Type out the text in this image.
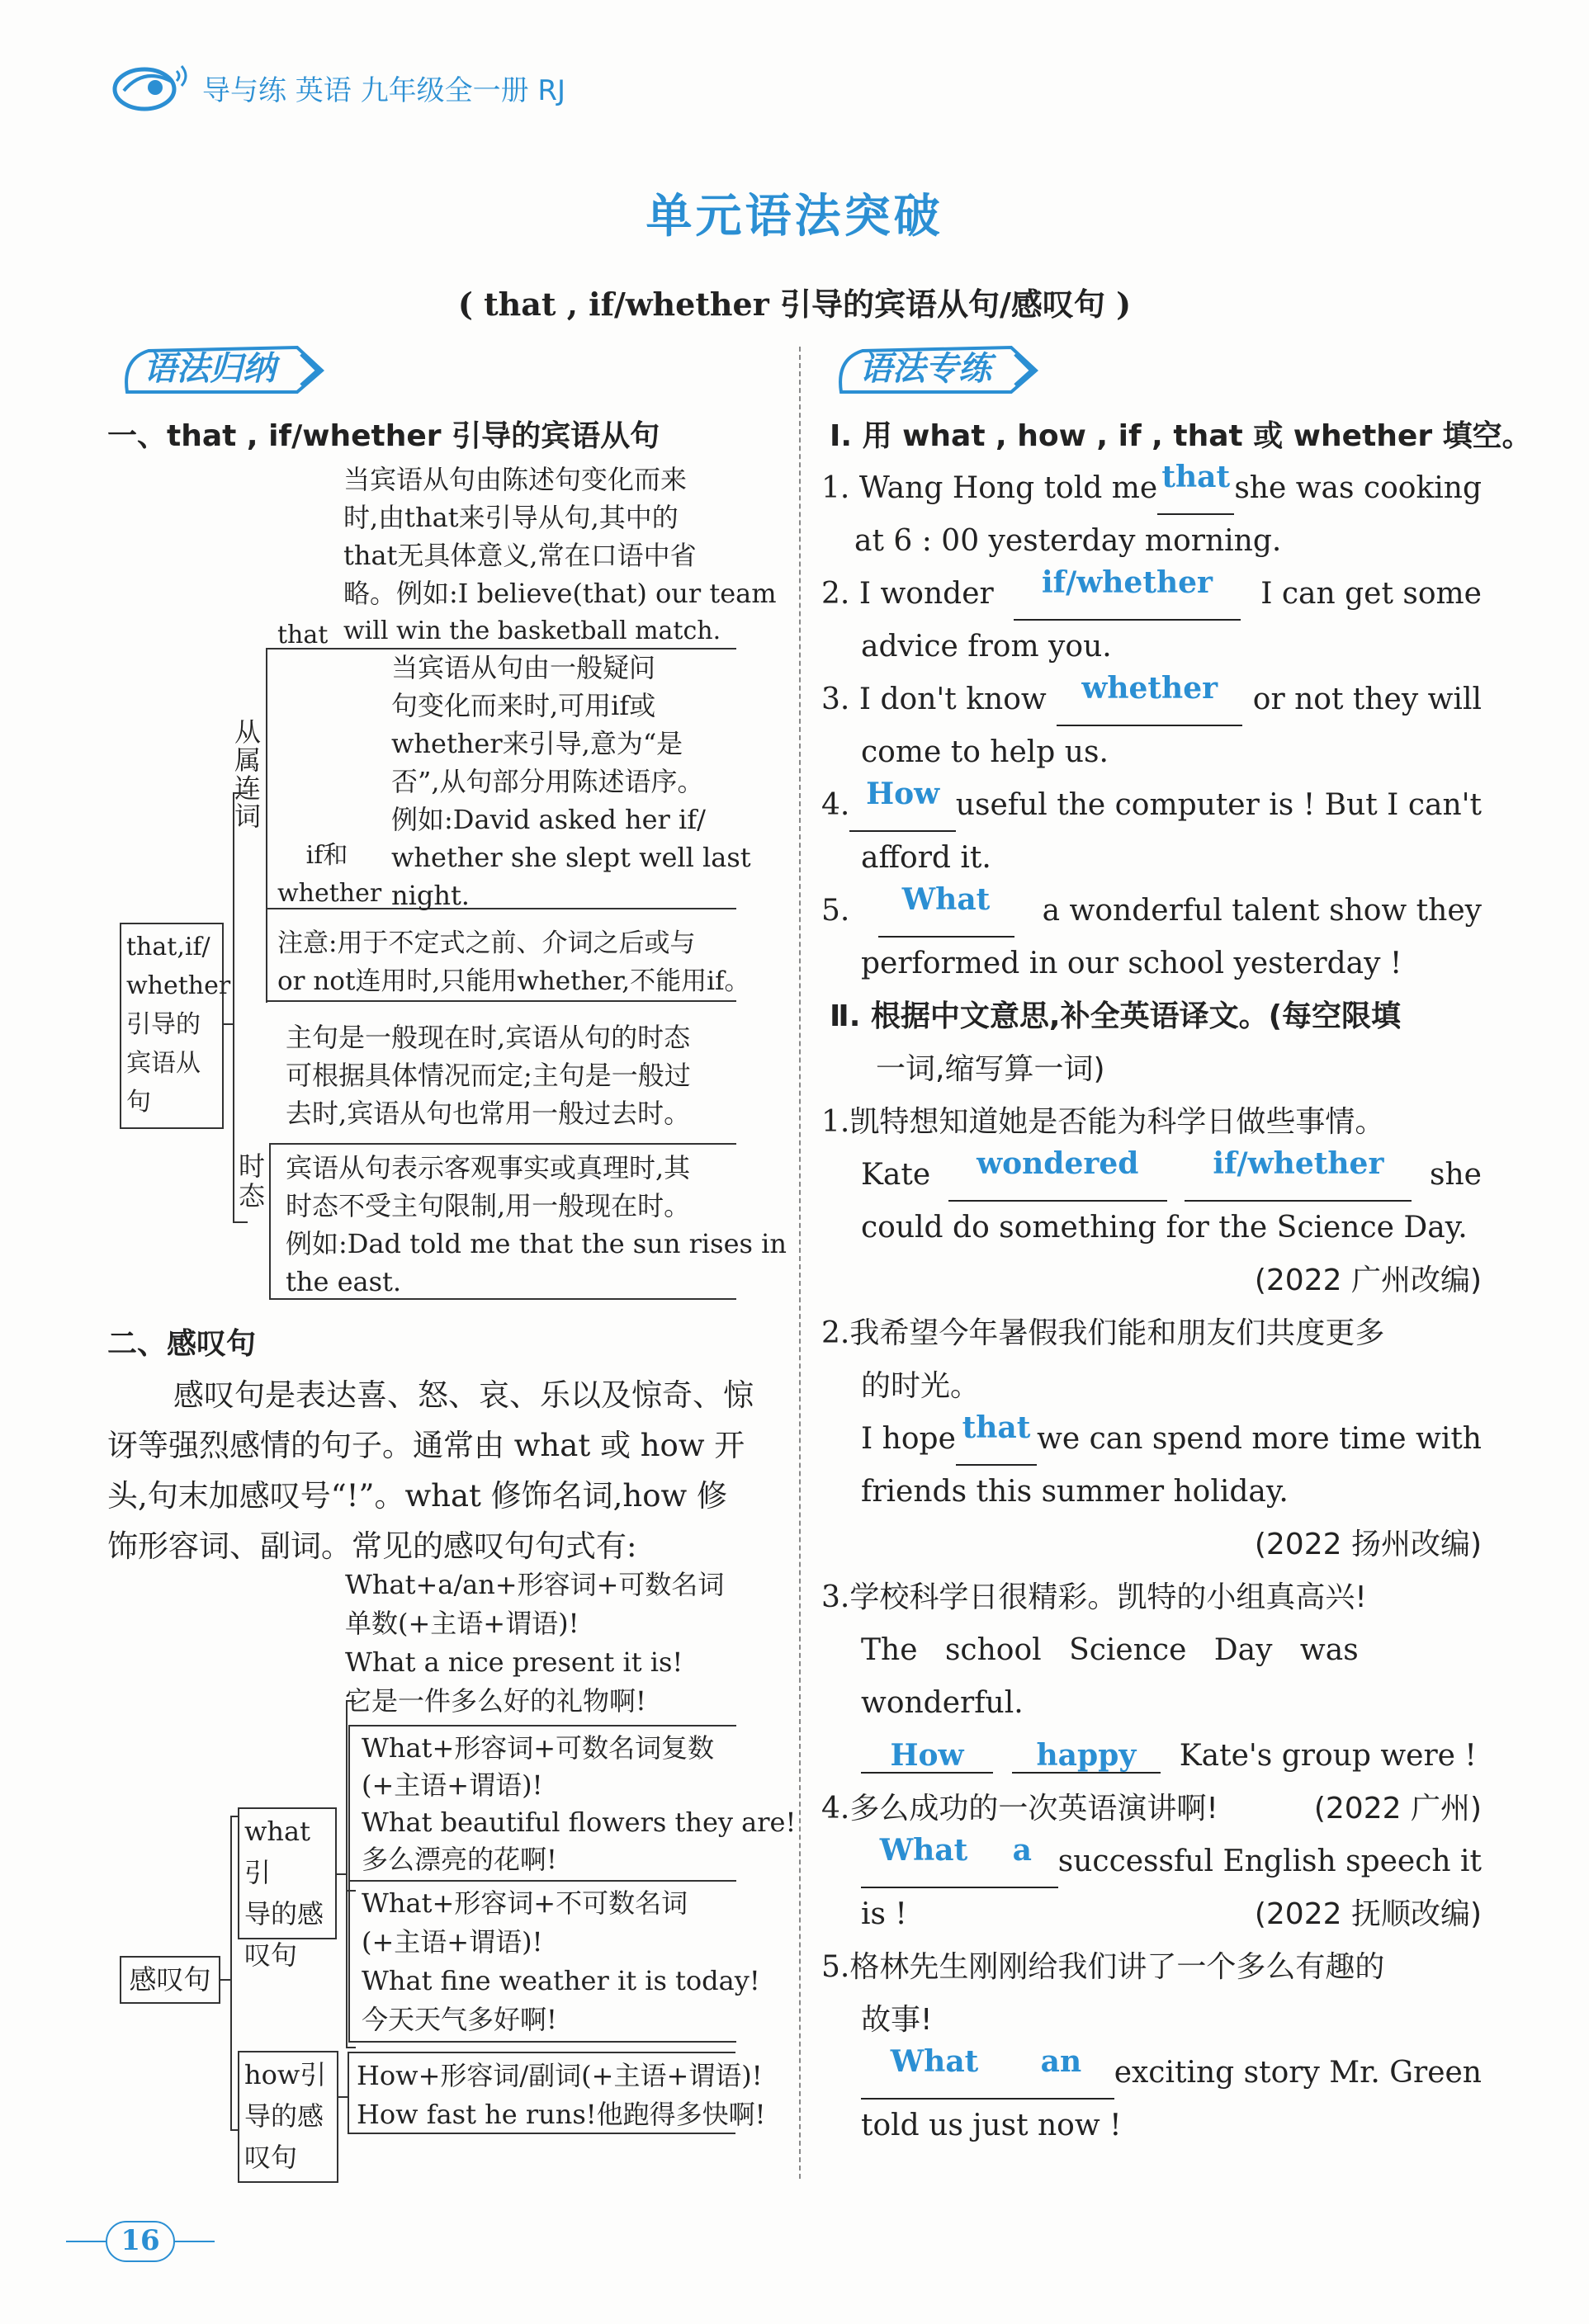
导与练 英语 九年级全一册 RJ
单元语法突破
( that , if/whether 引导的宾语从句/感叹句 )
语法归纳
一、that , if/whether 引导的宾语从句
that,if/
whether
引导的
宾语从
句
从
属
连
词
that
当宾语从句由陈述句变化而来
时,由that来引导从句,其中的
that无具体意义,常在口语中省
略。例如:I believe(that) our team
will win the basketball match.
if和
whether
当宾语从句由一般疑问
句变化而来时,可用if或
whether来引导,意为“是
否”,从句部分用陈述语序。
例如:David asked her if/
whether she slept well last
night.
注意:用于不定式之前、介词之后或与
or not连用时,只能用whether,不能用if。
主句是一般现在时,宾语从句的时态
可根据具体情况而定;主句是一般过
去时,宾语从句也常用一般过去时。
时
态
宾语从句表示客观事实或真理时,其
时态不受主句限制,用一般现在时。
例如:Dad told me that the sun rises in
the east.
二、感叹句
感叹句是表达喜、怒、哀、乐以及惊奇、惊
讶等强烈感情的句子。通常由 what 或 how 开
头,句末加感叹号“!”。what 修饰名词,how 修
饰形容词、副词。常见的感叹句句式有:
感叹句
what引
导的感
叹句
how引
导的感
叹句
What+a/an+形容词+可数名词
单数(+主语+谓语)!
What a nice present it is!
它是一件多么好的礼物啊!
What+形容词+可数名词复数
(+主语+谓语)!
What beautiful flowers they are!
多么漂亮的花啊!
What+形容词+不可数名词
(+主语+谓语)!
What fine weather it is today!
今天天气多好啊!
How+形容词/副词(+主语+谓语)!
How fast he runs!他跑得多快啊!
语法专练
Ⅰ. 用 what , how , if , that 或 whether 填空。
1. Wang Hong told me that she was cooking
at 6 : 00 yesterday morning.
2. I wonder	if/whether	I can get some
advice from you.
3. I don't know	whether	or not they will
come to help us.
4. How useful the computer is ! But I can't
afford it.
5.	What	a wonderful talent show they
performed in our school yesterday !
Ⅱ. 根据中文意思,补全英语译文。(每空限填
一词,缩写算一词)
1.凯特想知道她是否能为科学日做些事情。
Kate	wondered	if/whether	she
could do something for the Science Day.
(2022 广州改编)
2.我希望今年暑假我们能和朋友们共度更多
的时光。
I hope that we can spend more time with
friends this summer holiday.
(2022 扬州改编)
3.学校科学日很精彩。凯特的小组真高兴!
The school Science Day was wonderful.
How happy Kate's group were !
(2022 广州)
4.多么成功的一次英语演讲啊!
What	a successful English speech it
is !	(2022 抚顺改编)
5.格林先生刚刚给我们讲了一个多么有趣的
故事!
What	an	exciting story Mr. Green
told us just now !
16
